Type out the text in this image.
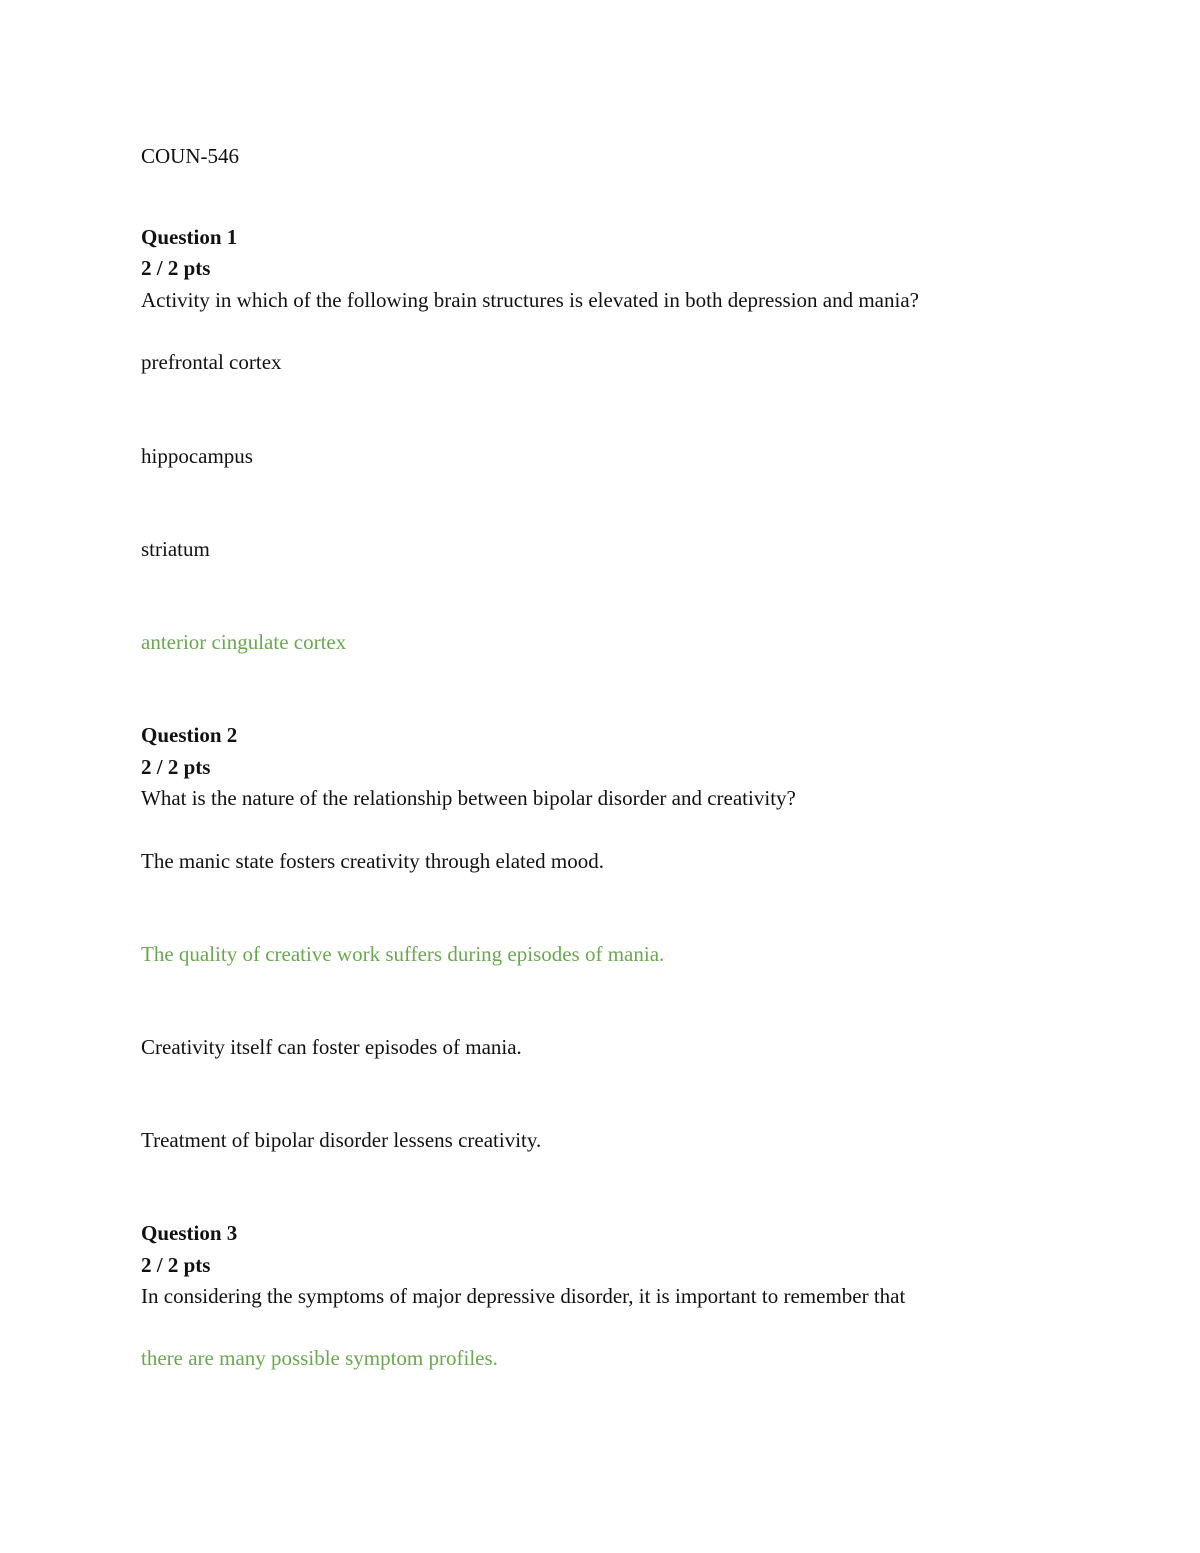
COUN-546
Question 1
2 / 2 pts
Activity in which of the following brain structures is elevated in both depression and mania?
prefrontal cortex
hippocampus
striatum
anterior cingulate cortex
Question 2
2 / 2 pts
What is the nature of the relationship between bipolar disorder and creativity?
The manic state fosters creativity through elated mood.
The quality of creative work suffers during episodes of mania.
Creativity itself can foster episodes of mania.
Treatment of bipolar disorder lessens creativity.
Question 3
2 / 2 pts
In considering the symptoms of major depressive disorder, it is important to remember that
there are many possible symptom profiles.
